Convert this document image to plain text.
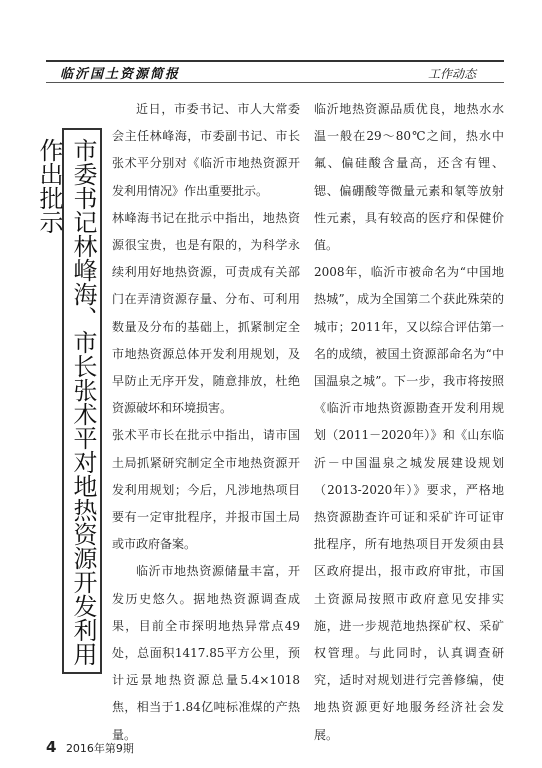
临沂国土资源简报	工作动态
市委书记林峰海、市长张术平对地热资源开发利用作出批示

近日，市委书记、市人大常委会主任林峰海，市委副书记、市长张术平分别对《临沂市地热资源开发利用情况》作出重要批示。

林峰海书记在批示中指出，地热资源很宝贵，也是有限的，为科学永续利用好地热资源，可责成有关部门在弄清资源存量、分布、可利用数量及分布的基础上，抓紧制定全市地热资源总体开发利用规划，及早防止无序开发，随意排放，杜绝资源破坏和环境损害。

张术平市长在批示中指出，请市国土局抓紧研究制定全市地热资源开发利用规划；今后，凡涉地热项目要有一定审批程序，并报市国土局或市政府备案。

临沂市地热资源储量丰富，开发历史悠久。据地热资源调查成果，目前全市探明地热异常点49处，总面积1417.85平方公里，预计远景地热资源总量5.4×1018焦，相当于1.84亿吨标准煤的产热量。

临沂地热资源品质优良，地热水水温一般在29～80℃之间，热水中氟、偏硅酸含量高，还含有锂、锶、偏硼酸等微量元素和氡等放射性元素，具有较高的医疗和保健价值。

2008年，临沂市被命名为“中国地热城”，成为全国第二个获此殊荣的城市；2011年，又以综合评估第一名的成绩，被国土资源部命名为“中国温泉之城”。下一步，我市将按照《临沂市地热资源勘查开发利用规划（2011－2020年）》和《山东临沂－中国温泉之城发展建设规划（2013-2020年）》要求，严格地热资源勘查许可证和采矿许可证审批程序，所有地热项目开发须由县区政府提出，报市政府审批，市国土资源局按照市政府意见安排实施，进一步规范地热探矿权、采矿权管理。与此同时，认真调查研究，适时对规划进行完善修编，使地热资源更好地服务经济社会发展。

4 2016年第9期
